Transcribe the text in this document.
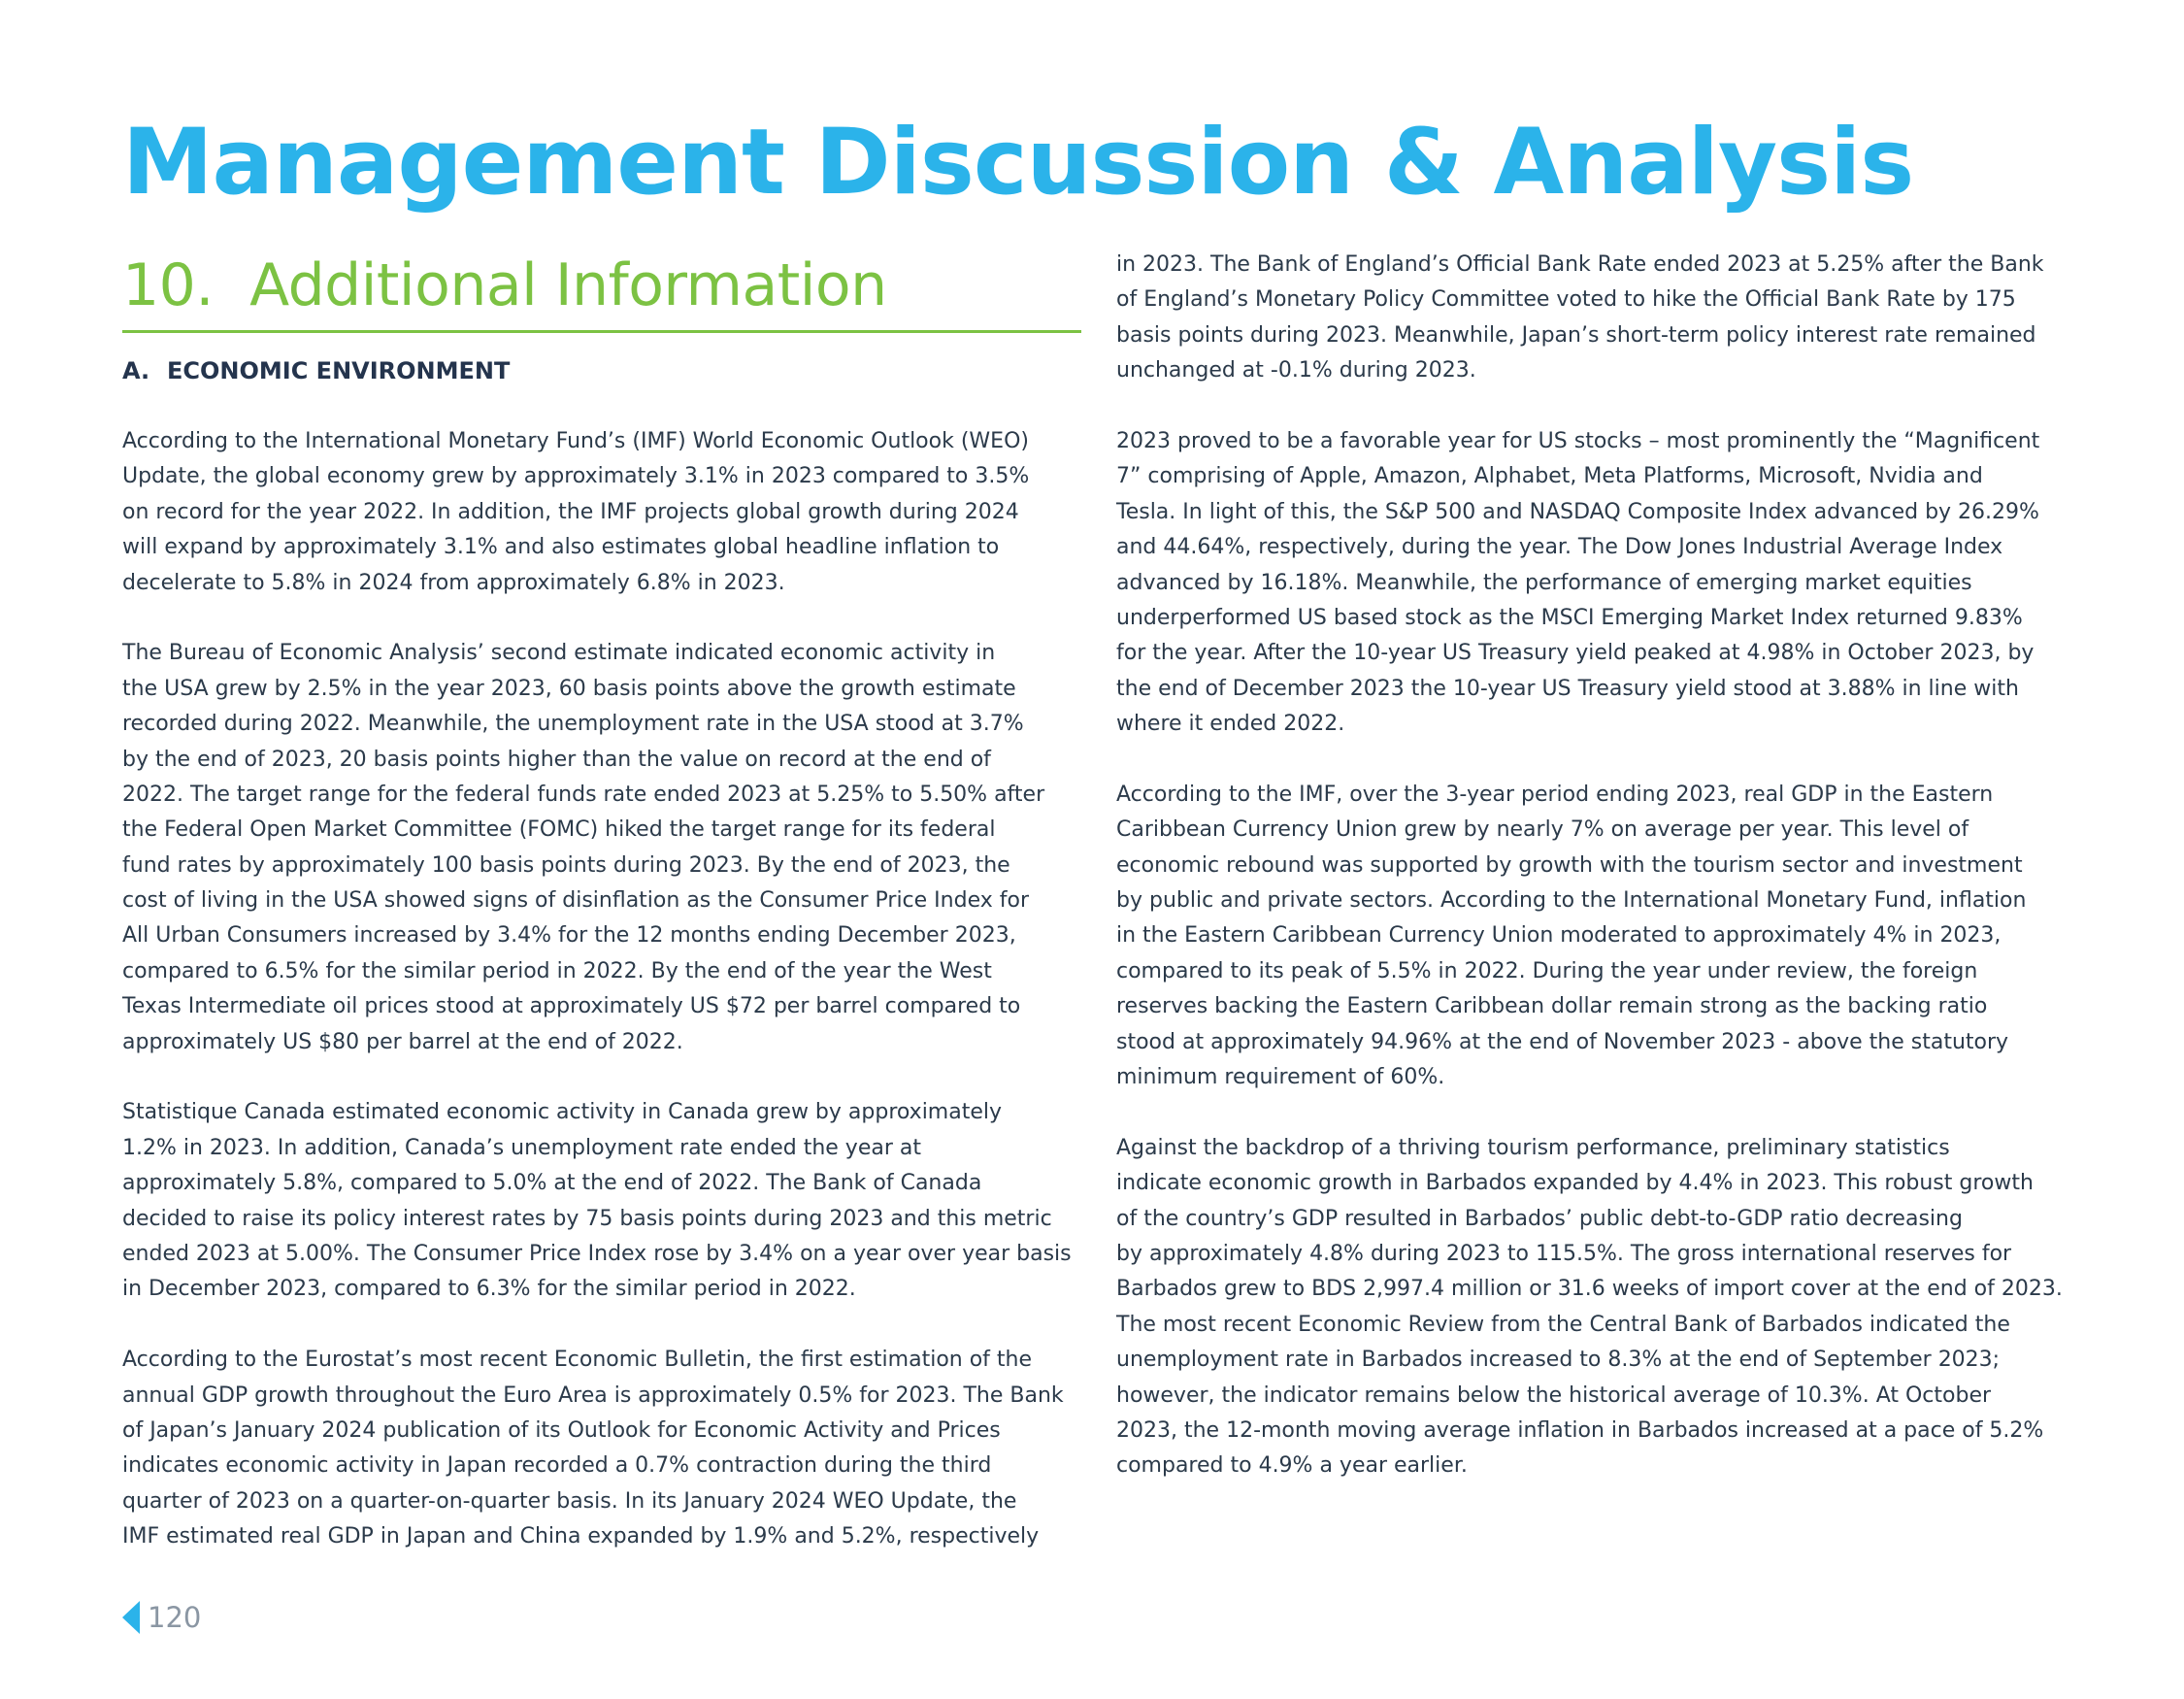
Management Discussion & Analysis
10. Additional Information
A. ECONOMIC ENVIRONMENT

According to the International Monetary Fund’s (IMF) World Economic Outlook (WEO)
Update, the global economy grew by approximately 3.1% in 2023 compared to 3.5%
on record for the year 2022. In addition, the IMF projects global growth during 2024
will expand by approximately 3.1% and also estimates global headline inflation to
decelerate to 5.8% in 2024 from approximately 6.8% in 2023.

The Bureau of Economic Analysis’ second estimate indicated economic activity in
the USA grew by 2.5% in the year 2023, 60 basis points above the growth estimate
recorded during 2022. Meanwhile, the unemployment rate in the USA stood at 3.7%
by the end of 2023, 20 basis points higher than the value on record at the end of
2022. The target range for the federal funds rate ended 2023 at 5.25% to 5.50% after
the Federal Open Market Committee (FOMC) hiked the target range for its federal
fund rates by approximately 100 basis points during 2023. By the end of 2023, the
cost of living in the USA showed signs of disinflation as the Consumer Price Index for
All Urban Consumers increased by 3.4% for the 12 months ending December 2023,
compared to 6.5% for the similar period in 2022. By the end of the year the West
Texas Intermediate oil prices stood at approximately US $72 per barrel compared to
approximately US $80 per barrel at the end of 2022.

Statistique Canada estimated economic activity in Canada grew by approximately
1.2% in 2023. In addition, Canada’s unemployment rate ended the year at
approximately 5.8%, compared to 5.0% at the end of 2022. The Bank of Canada
decided to raise its policy interest rates by 75 basis points during 2023 and this metric
ended 2023 at 5.00%. The Consumer Price Index rose by 3.4% on a year over year basis
in December 2023, compared to 6.3% for the similar period in 2022.

According to the Eurostat’s most recent Economic Bulletin, the first estimation of the
annual GDP growth throughout the Euro Area is approximately 0.5% for 2023. The Bank
of Japan’s January 2024 publication of its Outlook for Economic Activity and Prices
indicates economic activity in Japan recorded a 0.7% contraction during the third
quarter of 2023 on a quarter-on-quarter basis. In its January 2024 WEO Update, the
IMF estimated real GDP in Japan and China expanded by 1.9% and 5.2%, respectively

in 2023. The Bank of England’s Official Bank Rate ended 2023 at 5.25% after the Bank
of England’s Monetary Policy Committee voted to hike the Official Bank Rate by 175
basis points during 2023. Meanwhile, Japan’s short-term policy interest rate remained
unchanged at -0.1% during 2023.

2023 proved to be a favorable year for US stocks – most prominently the “Magnificent
7” comprising of Apple, Amazon, Alphabet, Meta Platforms, Microsoft, Nvidia and
Tesla. In light of this, the S&P 500 and NASDAQ Composite Index advanced by 26.29%
and 44.64%, respectively, during the year. The Dow Jones Industrial Average Index
advanced by 16.18%. Meanwhile, the performance of emerging market equities
underperformed US based stock as the MSCI Emerging Market Index returned 9.83%
for the year. After the 10-year US Treasury yield peaked at 4.98% in October 2023, by
the end of December 2023 the 10-year US Treasury yield stood at 3.88% in line with
where it ended 2022.

According to the IMF, over the 3-year period ending 2023, real GDP in the Eastern
Caribbean Currency Union grew by nearly 7% on average per year. This level of
economic rebound was supported by growth with the tourism sector and investment
by public and private sectors. According to the International Monetary Fund, inflation
in the Eastern Caribbean Currency Union moderated to approximately 4% in 2023,
compared to its peak of 5.5% in 2022. During the year under review, the foreign
reserves backing the Eastern Caribbean dollar remain strong as the backing ratio
stood at approximately 94.96% at the end of November 2023 - above the statutory
minimum requirement of 60%.

Against the backdrop of a thriving tourism performance, preliminary statistics
indicate economic growth in Barbados expanded by 4.4% in 2023. This robust growth
of the country’s GDP resulted in Barbados’ public debt-to-GDP ratio decreasing
by approximately 4.8% during 2023 to 115.5%. The gross international reserves for
Barbados grew to BDS 2,997.4 million or 31.6 weeks of import cover at the end of 2023.
The most recent Economic Review from the Central Bank of Barbados indicated the
unemployment rate in Barbados increased to 8.3% at the end of September 2023;
however, the indicator remains below the historical average of 10.3%. At October
2023, the 12-month moving average inflation in Barbados increased at a pace of 5.2%
compared to 4.9% a year earlier.

120
